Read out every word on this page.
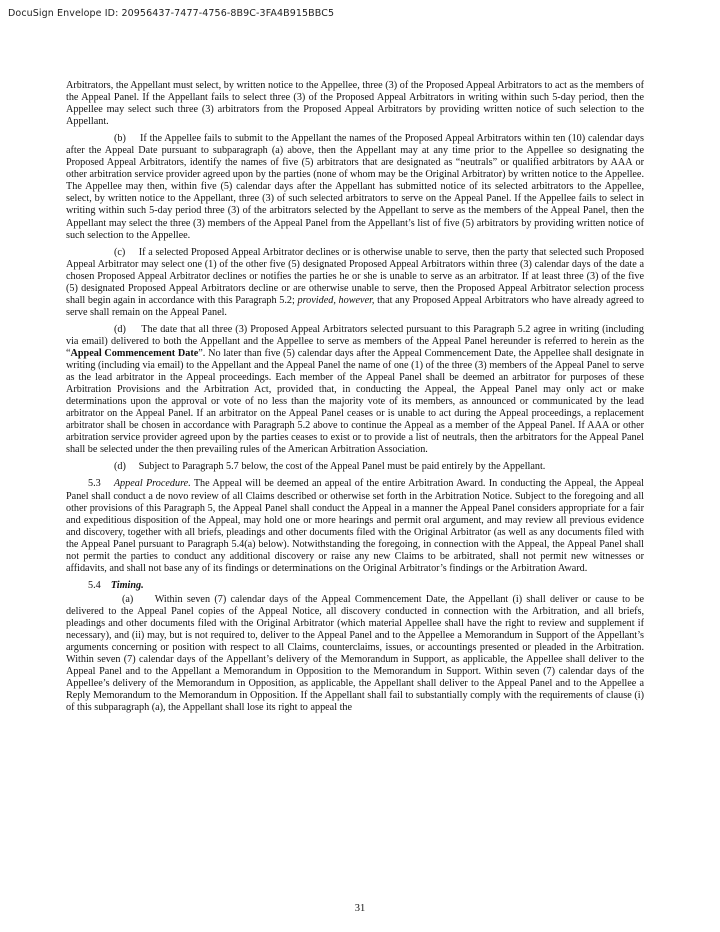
DocuSign Envelope ID: 20956437-7477-4756-8B9C-3FA4B915BBC5

Arbitrators, the Appellant must select, by written notice to the Appellee, three (3) of the Proposed Appeal Arbitrators to act as the members of the Appeal Panel. If the Appellant fails to select three (3) of the Proposed Appeal Arbitrators in writing within such 5-day period, then the Appellee may select such three (3) arbitrators from the Proposed Appeal Arbitrators by providing written notice of such selection to the Appellant.

(b)     If the Appellee fails to submit to the Appellant the names of the Proposed Appeal Arbitrators within ten (10) calendar days after the Appeal Date pursuant to subparagraph (a) above, then the Appellant may at any time prior to the Appellee so designating the Proposed Appeal Arbitrators, identify the names of five (5) arbitrators that are designated as “neutrals” or qualified arbitrators by AAA or other arbitration service provider agreed upon by the parties (none of whom may be the Original Arbitrator) by written notice to the Appellee. The Appellee may then, within five (5) calendar days after the Appellant has submitted notice of its selected arbitrators to the Appellee, select, by written notice to the Appellant, three (3) of such selected arbitrators to serve on the Appeal Panel. If the Appellee fails to select in writing within such 5-day period three (3) of the arbitrators selected by the Appellant to serve as the members of the Appeal Panel, then the Appellant may select the three (3) members of the Appeal Panel from the Appellant’s list of five (5) arbitrators by providing written notice of such selection to the Appellee.

(c)     If a selected Proposed Appeal Arbitrator declines or is otherwise unable to serve, then the party that selected such Proposed Appeal Arbitrator may select one (1) of the other five (5) designated Proposed Appeal Arbitrators within three (3) calendar days of the date a chosen Proposed Appeal Arbitrator declines or notifies the parties he or she is unable to serve as an arbitrator. If at least three (3) of the five (5) designated Proposed Appeal Arbitrators decline or are otherwise unable to serve, then the Proposed Appeal Arbitrator selection process shall begin again in accordance with this Paragraph 5.2; provided, however, that any Proposed Appeal Arbitrators who have already agreed to serve shall remain on the Appeal Panel.

(d)     The date that all three (3) Proposed Appeal Arbitrators selected pursuant to this Paragraph 5.2 agree in writing (including via email) delivered to both the Appellant and the Appellee to serve as members of the Appeal Panel hereunder is referred to herein as the “Appeal Commencement Date”. No later than five (5) calendar days after the Appeal Commencement Date, the Appellee shall designate in writing (including via email) to the Appellant and the Appeal Panel the name of one (1) of the three (3) members of the Appeal Panel to serve as the lead arbitrator in the Appeal proceedings. Each member of the Appeal Panel shall be deemed an arbitrator for purposes of these Arbitration Provisions and the Arbitration Act, provided that, in conducting the Appeal, the Appeal Panel may only act or make determinations upon the approval or vote of no less than the majority vote of its members, as announced or communicated by the lead arbitrator on the Appeal Panel. If an arbitrator on the Appeal Panel ceases or is unable to act during the Appeal proceedings, a replacement arbitrator shall be chosen in accordance with Paragraph 5.2 above to continue the Appeal as a member of the Appeal Panel. If AAA or other arbitration service provider agreed upon by the parties ceases to exist or to provide a list of neutrals, then the arbitrators for the Appeal Panel shall be selected under the then prevailing rules of the American Arbitration Association.

(d)     Subject to Paragraph 5.7 below, the cost of the Appeal Panel must be paid entirely by the Appellant.

5.3    Appeal Procedure. The Appeal will be deemed an appeal of the entire Arbitration Award. In conducting the Appeal, the Appeal Panel shall conduct a de novo review of all Claims described or otherwise set forth in the Arbitration Notice. Subject to the foregoing and all other provisions of this Paragraph 5, the Appeal Panel shall conduct the Appeal in a manner the Appeal Panel considers appropriate for a fair and expeditious disposition of the Appeal, may hold one or more hearings and permit oral argument, and may review all previous evidence and discovery, together with all briefs, pleadings and other documents filed with the Original Arbitrator (as well as any documents filed with the Appeal Panel pursuant to Paragraph 5.4(a) below). Notwithstanding the foregoing, in connection with the Appeal, the Appeal Panel shall not permit the parties to conduct any additional discovery or raise any new Claims to be arbitrated, shall not permit new witnesses or affidavits, and shall not base any of its findings or determinations on the Original Arbitrator’s findings or the Arbitration Award.

5.4    Timing.

(a)     Within seven (7) calendar days of the Appeal Commencement Date, the Appellant (i) shall deliver or cause to be delivered to the Appeal Panel copies of the Appeal Notice, all discovery conducted in connection with the Arbitration, and all briefs, pleadings and other documents filed with the Original Arbitrator (which material Appellee shall have the right to review and supplement if necessary), and (ii) may, but is not required to, deliver to the Appeal Panel and to the Appellee a Memorandum in Support of the Appellant’s arguments concerning or position with respect to all Claims, counterclaims, issues, or accountings presented or pleaded in the Arbitration. Within seven (7) calendar days of the Appellant’s delivery of the Memorandum in Support, as applicable, the Appellee shall deliver to the Appeal Panel and to the Appellant a Memorandum in Opposition to the Memorandum in Support. Within seven (7) calendar days of the Appellee’s delivery of the Memorandum in Opposition, as applicable, the Appellant shall deliver to the Appeal Panel and to the Appellee a Reply Memorandum to the Memorandum in Opposition. If the Appellant shall fail to substantially comply with the requirements of clause (i) of this subparagraph (a), the Appellant shall lose its right to appeal the

31
